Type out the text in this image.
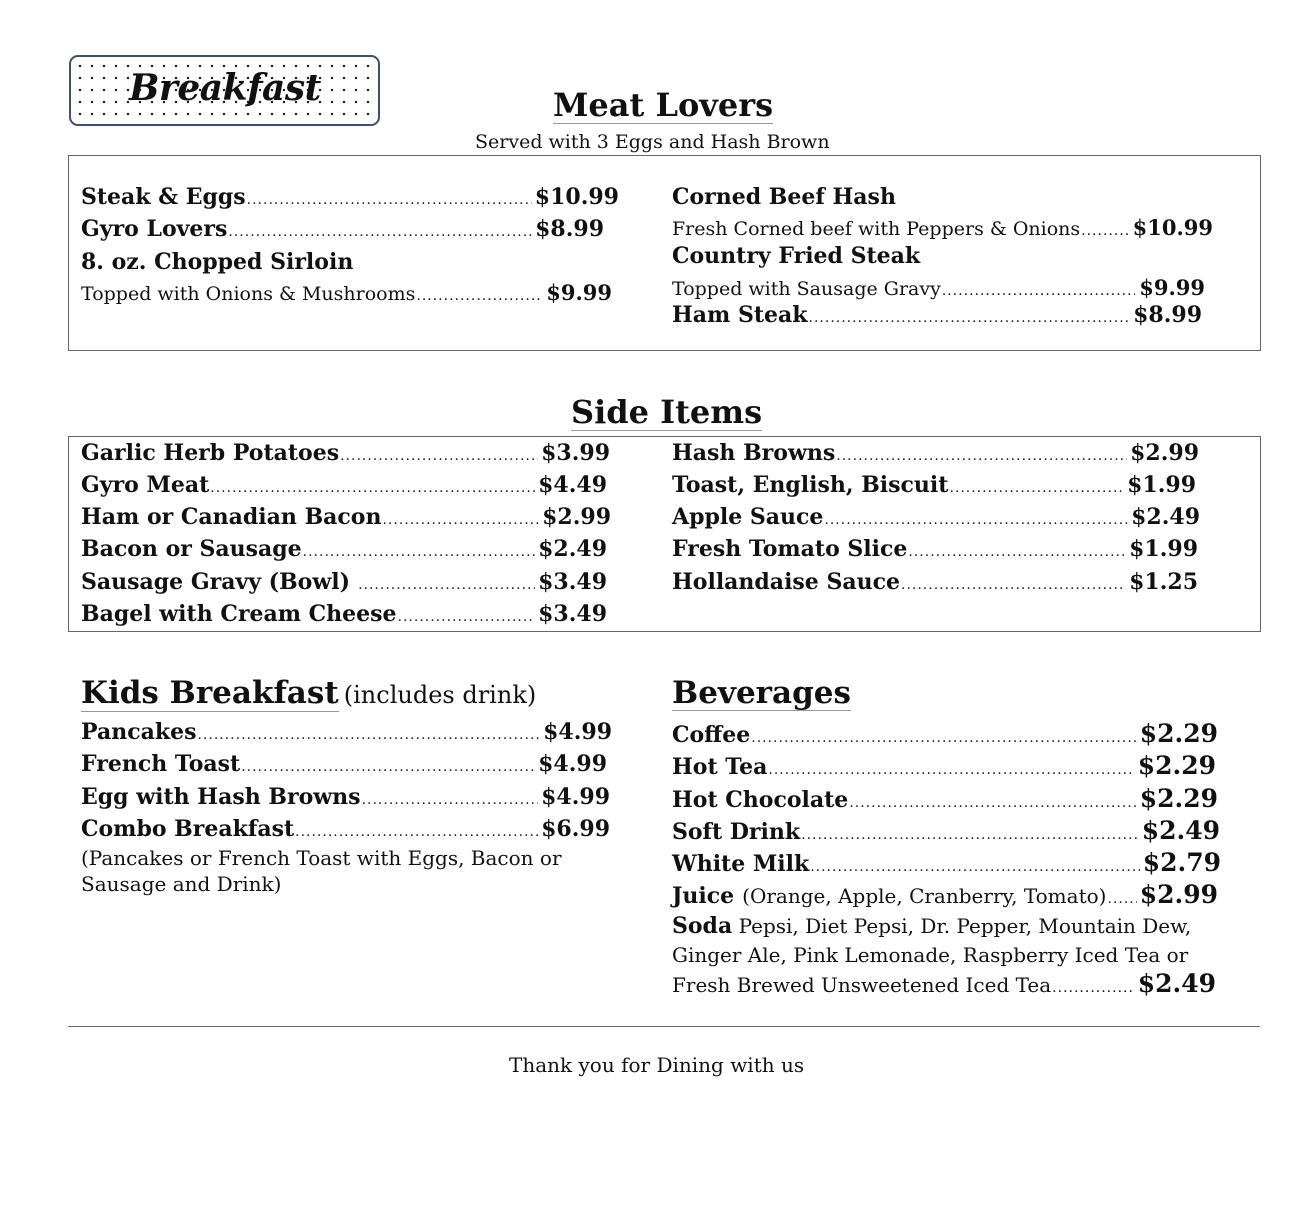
Breakfast	Meat Lovers
Served with 3 Eggs and Hash Brown
Steak & Eggs .....	$10.99
Gyro Lovers .....	$8.99
8. oz. Chopped Sirloin
Topped with Onions & Mushrooms .....	$9.99
Corned Beef Hash
Fresh Corned beef with Peppers & Onions ..... $10.99
Country Fried Steak
Topped with Sausage Gravy .....	$9.99
Ham Steak .....	$8.99
Side Items
Garlic Herb Potatoes .....	$3.99
Gyro Meat .....	$4.49
Ham or Canadian Bacon .....	$2.99
Bacon or Sausage .....	$2.49
Sausage Gravy (Bowl) .....	$3.49
Bagel with Cream Cheese .....	$3.49
Hash Browns .....	$2.99
Toast, English, Biscuit .....	$1.99
Apple Sauce .....	$2.49
Fresh Tomato Slice .....	$1.99
Hollandaise Sauce .....	$1.25
Kids Breakfast (includes drink)
Pancakes .....	$4.99
French Toast .....	$4.99
Egg with Hash Browns .....	$4.99
Combo Breakfast .....	$6.99
(Pancakes or French Toast with Eggs, Bacon or
Sausage and Drink)
Beverages
Coffee .....	$2.29
Hot Tea .....	$2.29
Hot Chocolate .....	$2.29
Soft Drink .....	$2.49
White Milk .....	$2.79
Juice (Orange, Apple, Cranberry, Tomato) ..... $2.99
Soda Pepsi, Diet Pepsi, Dr. Pepper, Mountain Dew,
Ginger Ale, Pink Lemonade, Raspberry Iced Tea or
Fresh Brewed Unsweetened Iced Tea .....	$2.49
Thank you for Dining with us
